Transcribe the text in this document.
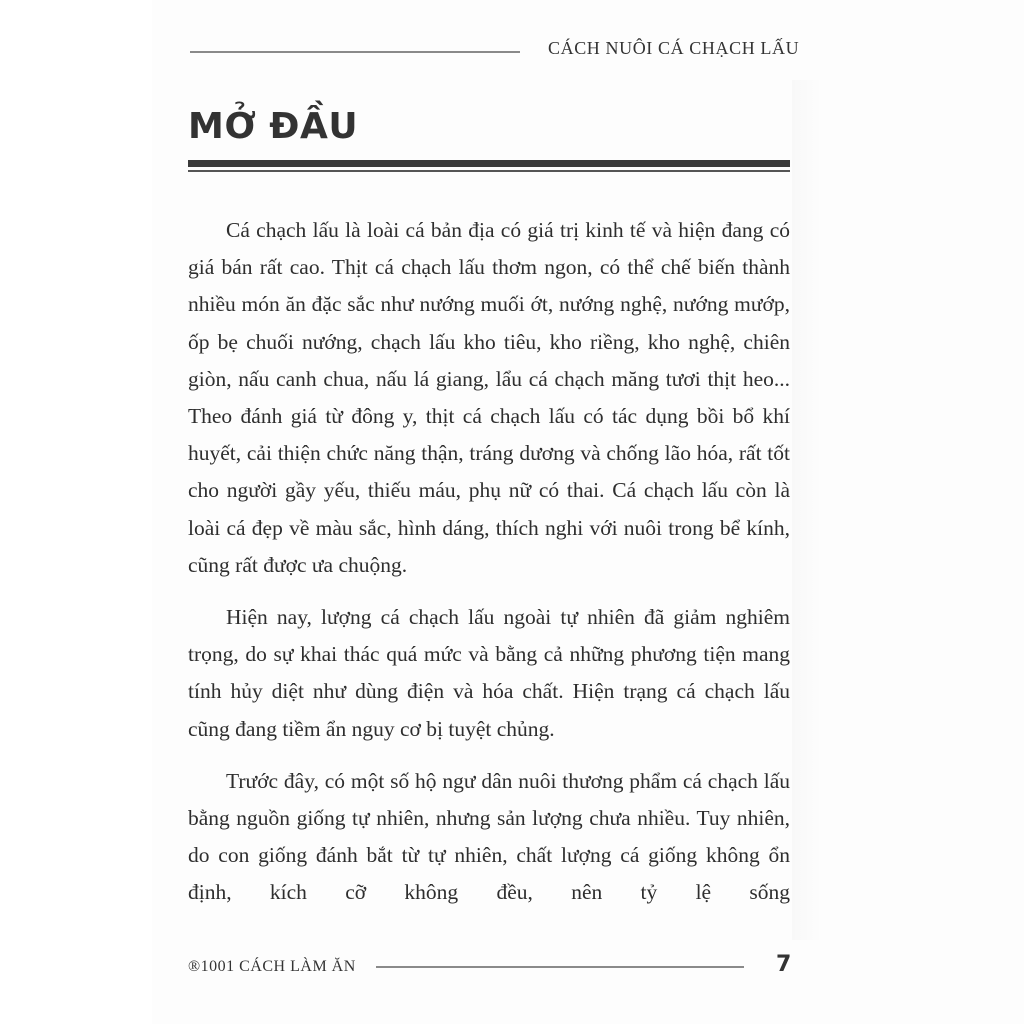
CÁCH NUÔI CÁ CHẠCH LẤU
MỞ ĐẦU

Cá chạch lấu là loài cá bản địa có giá trị kinh tế và hiện đang có giá bán rất cao. Thịt cá chạch lấu thơm ngon, có thể chế biến thành nhiều món ăn đặc sắc như nướng muối ớt, nướng nghệ, nướng mướp, ốp bẹ chuối nướng, chạch lấu kho tiêu, kho riềng, kho nghệ, chiên giòn, nấu canh chua, nấu lá giang, lẩu cá chạch măng tươi thịt heo... Theo đánh giá từ đông y, thịt cá chạch lấu có tác dụng bồi bổ khí huyết, cải thiện chức năng thận, tráng dương và chống lão hóa, rất tốt cho người gầy yếu, thiếu máu, phụ nữ có thai. Cá chạch lấu còn là loài cá đẹp về màu sắc, hình dáng, thích nghi với nuôi trong bể kính, cũng rất được ưa chuộng.

Hiện nay, lượng cá chạch lấu ngoài tự nhiên đã giảm nghiêm trọng, do sự khai thác quá mức và bằng cả những phương tiện mang tính hủy diệt như dùng điện và hóa chất. Hiện trạng cá chạch lấu cũng đang tiềm ẩn nguy cơ bị tuyệt chủng.

Trước đây, có một số hộ ngư dân nuôi thương phẩm cá chạch lấu bằng nguồn giống tự nhiên, nhưng sản lượng chưa nhiều. Tuy nhiên, do con giống đánh bắt từ tự nhiên, chất lượng cá giống không ổn định, kích cỡ không đều, nên tỷ lệ sống

®1001 CÁCH LÀM ĂN	7
